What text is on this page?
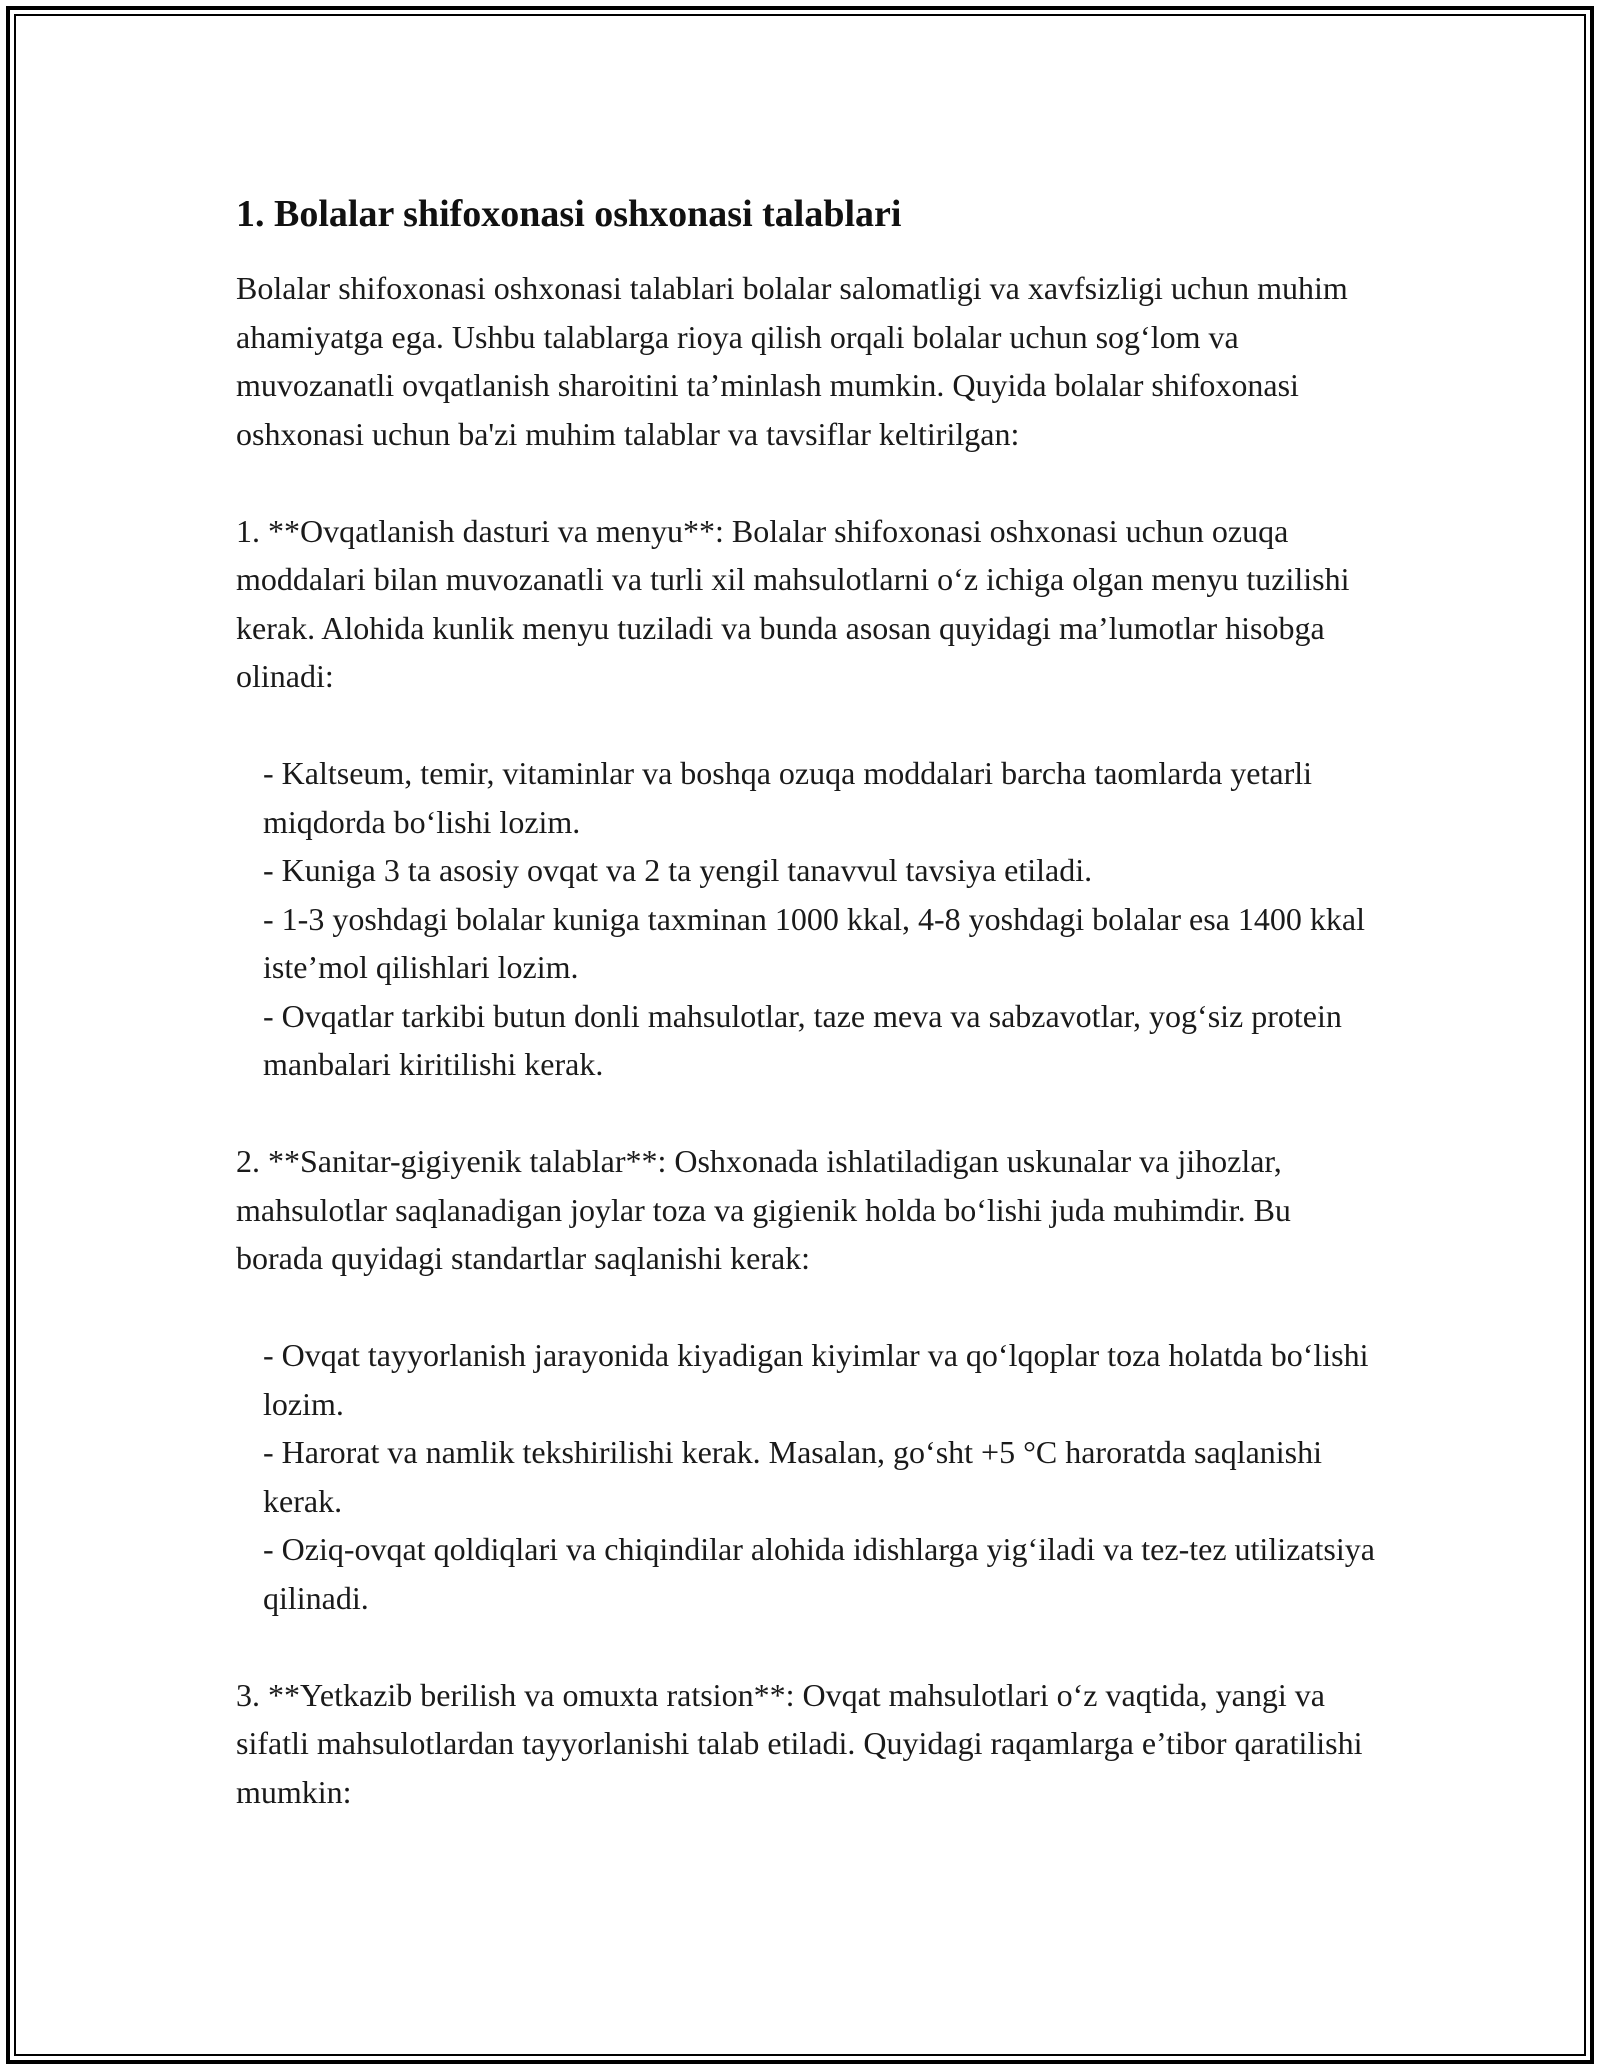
1. Bolalar shifoxonasi oshxonasi talablari

Bolalar shifoxonasi oshxonasi talablari bolalar salomatligi va xavfsizligi uchun muhim ahamiyatga ega. Ushbu talablarga rioya qilish orqali bolalar uchun sog‘lom va muvozanatli ovqatlanish sharoitini ta’minlash mumkin. Quyida bolalar shifoxonasi oshxonasi uchun ba'zi muhim talablar va tavsiflar keltirilgan:

1. **Ovqatlanish dasturi va menyu**: Bolalar shifoxonasi oshxonasi uchun ozuqa moddalari bilan muvozanatli va turli xil mahsulotlarni o‘z ichiga olgan menyu tuzilishi kerak. Alohida kunlik menyu tuziladi va bunda asosan quyidagi ma’lumotlar hisobga olinadi:

- Kaltseum, temir, vitaminlar va boshqa ozuqa moddalari barcha taomlarda yetarli miqdorda bo‘lishi lozim.

- Kuniga 3 ta asosiy ovqat va 2 ta yengil tanavvul tavsiya etiladi.

- 1-3 yoshdagi bolalar kuniga taxminan 1000 kkal, 4-8 yoshdagi bolalar esa 1400 kkal iste’mol qilishlari lozim.

- Ovqatlar tarkibi butun donli mahsulotlar, taze meva va sabzavotlar, yog‘siz protein manbalari kiritilishi kerak.

2. **Sanitar-gigiyenik talablar**: Oshxonada ishlatiladigan uskunalar va jihozlar, mahsulotlar saqlanadigan joylar toza va gigienik holda bo‘lishi juda muhimdir. Bu borada quyidagi standartlar saqlanishi kerak:

- Ovqat tayyorlanish jarayonida kiyadigan kiyimlar va qo‘lqoplar toza holatda bo‘lishi lozim.

- Harorat va namlik tekshirilishi kerak. Masalan, go‘sht +5 °C haroratda saqlanishi kerak.

- Oziq-ovqat qoldiqlari va chiqindilar alohida idishlarga yig‘iladi va tez-tez utilizatsiya qilinadi.

3. **Yetkazib berilish va omuxta ratsion**: Ovqat mahsulotlari o‘z vaqtida, yangi va sifatli mahsulotlardan tayyorlanishi talab etiladi. Quyidagi raqamlarga e’tibor qaratilishi mumkin:
